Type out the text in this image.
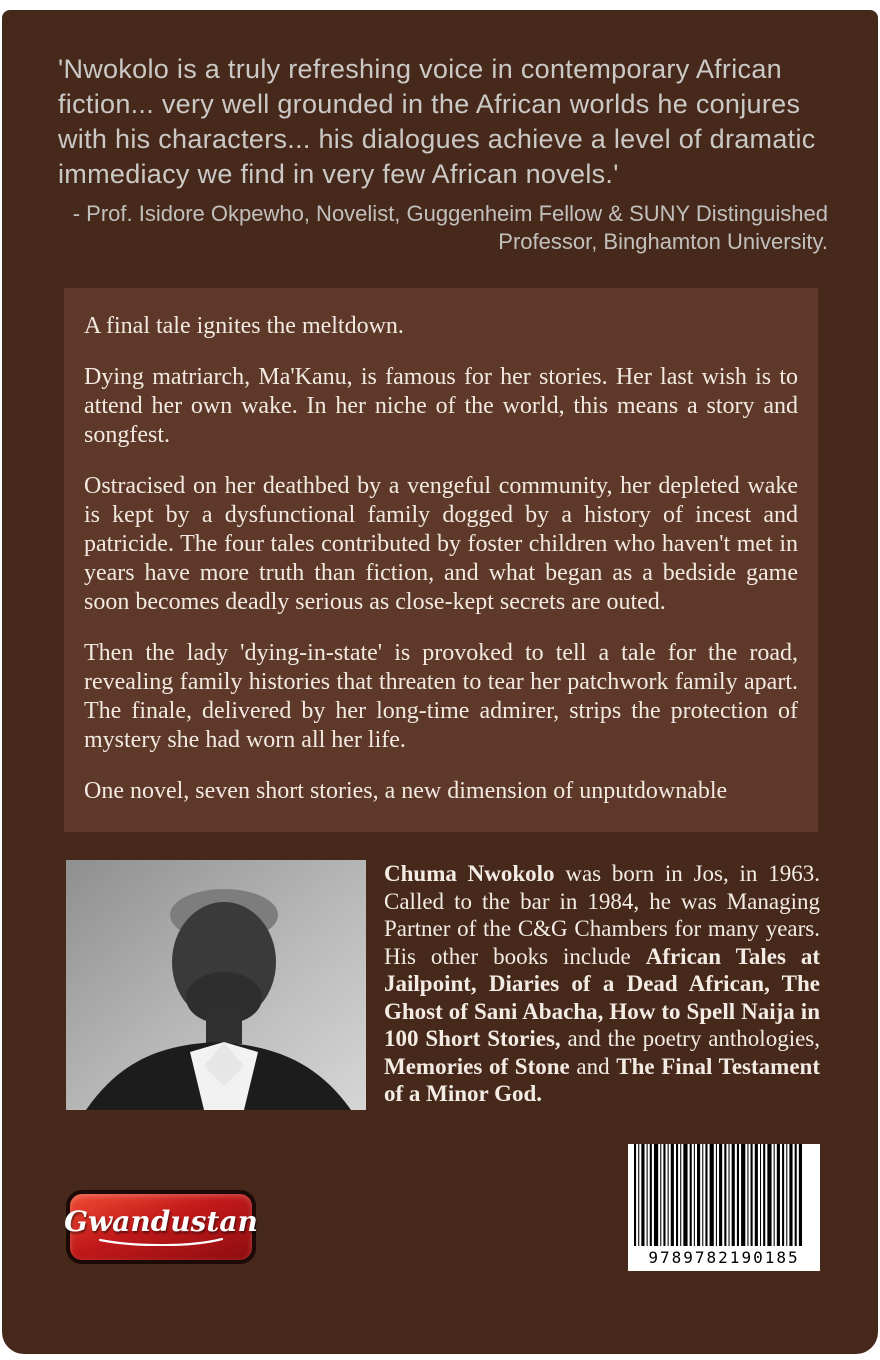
'Nwokolo is a truly refreshing voice in contemporary African fiction... very well grounded in the African worlds he conjures with his characters... his dialogues achieve a level of dramatic immediacy we find in very few African novels.'

- Prof. Isidore Okpewho, Novelist, Guggenheim Fellow & SUNY Distinguished
Professor, Binghamton University.

A final tale ignites the meltdown.

Dying matriarch, Ma'Kanu, is famous for her stories. Her last wish is to attend her own wake. In her niche of the world, this means a story and songfest.

Ostracised on her deathbed by a vengeful community, her depleted wake is kept by a dysfunctional family dogged by a history of incest and patricide. The four tales contributed by foster children who haven't met in years have more truth than fiction, and what began as a bedside game soon becomes deadly serious as close-kept secrets are outed.

Then the lady 'dying-in-state' is provoked to tell a tale for the road, revealing family histories that threaten to tear her patchwork family apart. The finale, delivered by her long-time admirer, strips the protection of mystery she had worn all her life.

One novel, seven short stories, a new dimension of unputdownable

Chuma Nwokolo was born in Jos, in 1963. Called to the bar in 1984, he was Managing Partner of the C&G Chambers for many years. His other books include African Tales at Jailpoint, Diaries of a Dead African, The Ghost of Sani Abacha, How to Spell Naija in 100 Short Stories, and the poetry anthologies, Memories of Stone and The Final Testament of a Minor God.
Gwandustan
9789782190185
